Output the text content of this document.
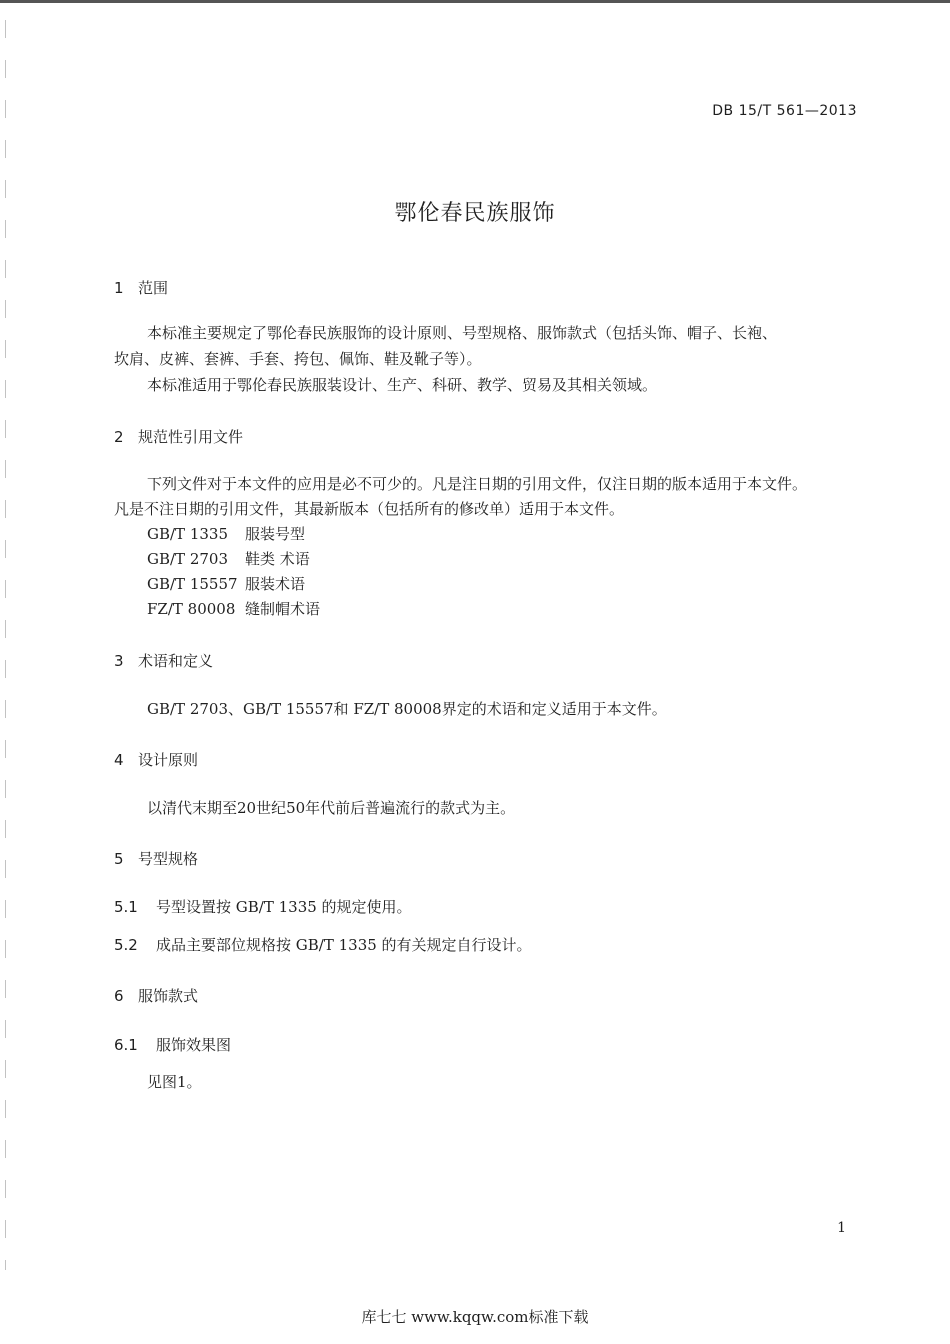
DB 15/T 561—2013

鄂伦春民族服饰
1 范围

本标准主要规定了鄂伦春民族服饰的设计原则、号型规格、服饰款式（包括头饰、帽子、长袍、

坎肩、皮裤、套裤、手套、挎包、佩饰、鞋及靴子等）。

本标准适用于鄂伦春民族服装设计、生产、科研、教学、贸易及其相关领域。

2 规范性引用文件

下列文件对于本文件的应用是必不可少的。凡是注日期的引用文件，仅注日期的版本适用于本文件。

凡是不注日期的引用文件，其最新版本（包括所有的修改单）适用于本文件。

GB/T 1335 服装号型

GB/T 2703 鞋类 术语

GB/T 15557 服装术语

FZ/T 80008 缝制帽术语

3 术语和定义

GB/T 2703、GB/T 15557和 FZ/T 80008界定的术语和定义适用于本文件。

4 设计原则

以清代末期至20世纪50年代前后普遍流行的款式为主。

5 号型规格

5.1 号型设置按 GB/T 1335 的规定使用。

5.2 成品主要部位规格按 GB/T 1335 的有关规定自行设计。

6 服饰款式
6.1 服饰效果图

见图1。

1

库七七 www.kqqw.com标准下载
